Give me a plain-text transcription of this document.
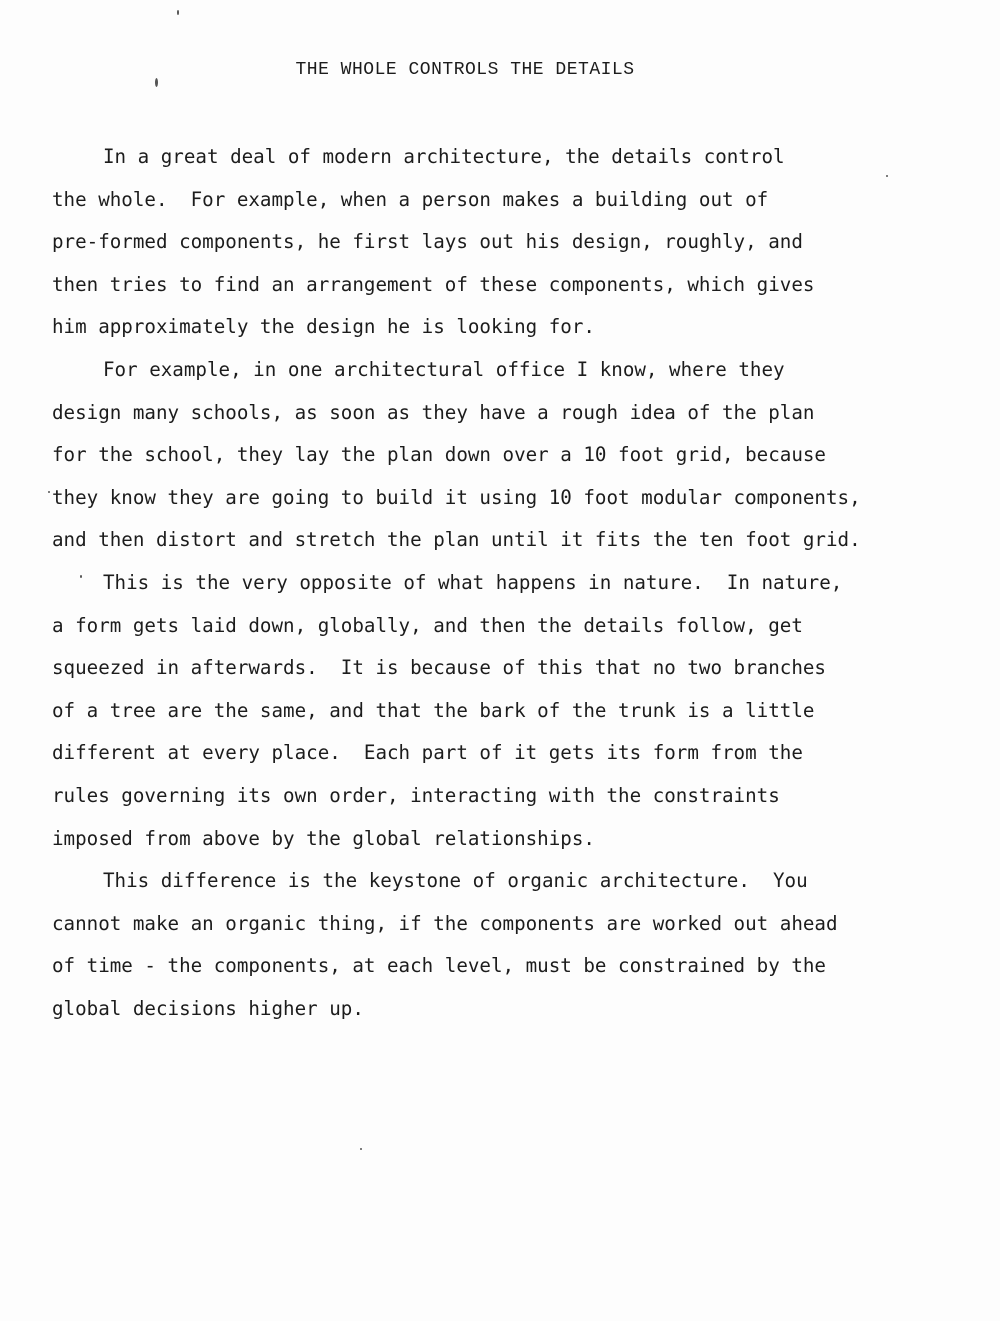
THE WHOLE CONTROLS THE DETAILS
In a great deal of modern architecture, the details control
the whole.  For example, when a person makes a building out of
pre-formed components, he first lays out his design, roughly, and
then tries to find an arrangement of these components, which gives
him approximately the design he is looking for.
For example, in one architectural office I know, where they
design many schools, as soon as they have a rough idea of the plan
for the school, they lay the plan down over a 10 foot grid, because
they know they are going to build it using 10 foot modular components,
and then distort and stretch the plan until it fits the ten foot grid.
This is the very opposite of what happens in nature.  In nature,
a form gets laid down, globally, and then the details follow, get
squeezed in afterwards.  It is because of this that no two branches
of a tree are the same, and that the bark of the trunk is a little
different at every place.  Each part of it gets its form from the
rules governing its own order, interacting with the constraints
imposed from above by the global relationships.
This difference is the keystone of organic architecture.  You
cannot make an organic thing, if the components are worked out ahead
of time - the components, at each level, must be constrained by the
global decisions higher up.
